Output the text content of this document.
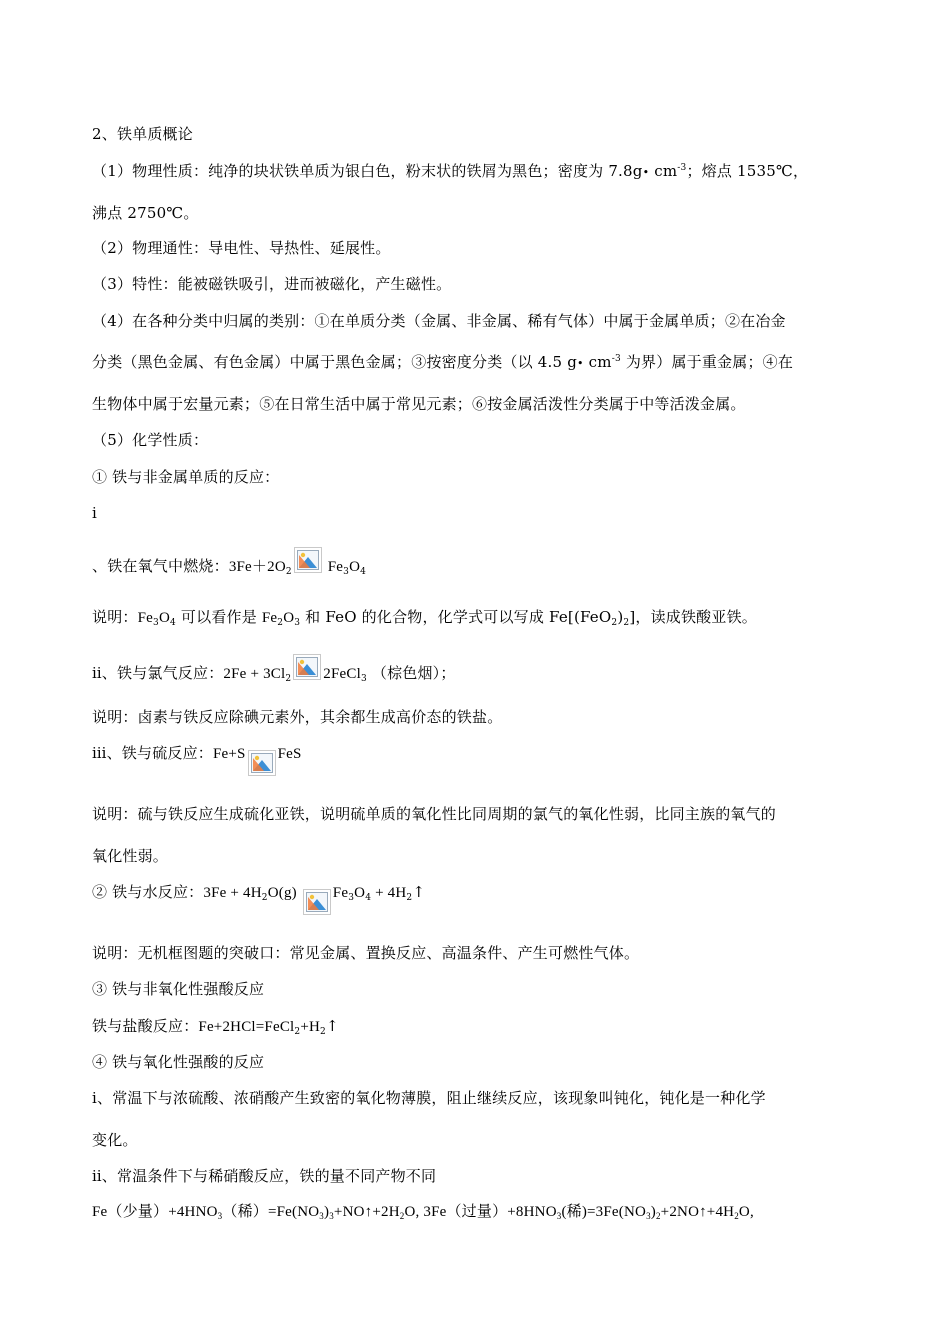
2、铁单质概论
（1）物理性质：纯净的块状铁单质为银白色，粉末状的铁屑为黑色；密度为 7.8g• $cm^{-3}$；熔点 1535℃，
沸点 2750℃。
（2）物理通性：导电性、导热性、延展性。
（3）特性：能被磁铁吸引，进而被磁化，产生磁性。
（4）在各种分类中归属的类别：①在单质分类（金属、非金属、稀有气体）中属于金属单质；②在冶金
分类（黑色金属、有色金属）中属于黑色金属；③按密度分类（以 4.5 g• $cm^{-3}$ 为界）属于重金属；④在
生物体中属于宏量元素；⑤在日常生活中属于常见元素；⑥按金属活泼性分类属于中等活泼金属。
（5）化学性质：
① 铁与非金属单质的反应：
i
、铁在氧气中燃烧：$3Fe+2O_2$
$Fe_3O_4$
说明：$Fe_3O_4$ 可以看作是 $Fe_2O_3$ 和 FeO 的化合物，化学式可以写成 $Fe[(FeO_2)_2]$，读成铁酸亚铁。
ⅱ、铁与氯气反应：$2Fe + 3Cl_2$ 2FeCl$_3$ （棕色烟）；
说明：卤素与铁反应除碘元素外，其余都生成高价态的铁盐。
ⅲ、铁与硫反应：Fe+S FeS
说明：硫与铁反应生成硫化亚铁，说明硫单质的氧化性比同周期的氯气的氧化性弱，比同主族的氧气的
氧化性弱。
② 铁与水反应：$3Fe + 4H_2O(g)$
$Fe_3O_4$ + $4H_2↑$
说明：无机框图题的突破口：常见金属、置换反应、高温条件、产生可燃性气体。
③ 铁与非氧化性强酸反应
铁与盐酸反应：$Fe+2HCl=FeCl_2+H_2↑$
④ 铁与氧化性强酸的反应
ⅰ、常温下与浓硫酸、浓硝酸产生致密的氧化物薄膜，阻止继续反应，该现象叫钝化，钝化是一种化学
变化。
ⅱ、常温条件下与稀硝酸反应，铁的量不同产物不同
Fe（少量）$+4HNO_3$（稀）$=Fe(NO_3)_3+NO↑+2H_2O$, 3Fe（过量）$+8HNO_3$(稀)$=3Fe(NO_3)_2+2NO↑+4H_2O$,
